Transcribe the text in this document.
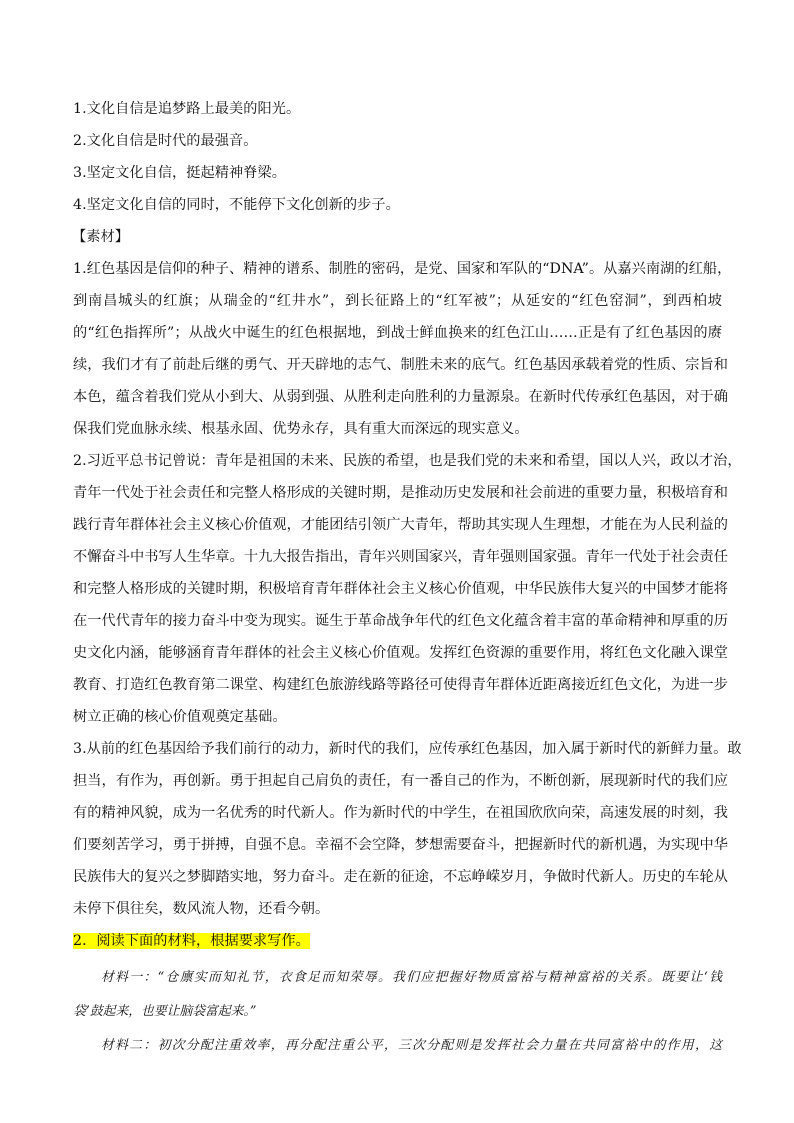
1.文化自信是追梦路上最美的阳光。
2.文化自信是时代的最强音。
3.坚定文化自信，挺起精神脊梁。
4.坚定文化自信的同时，不能停下文化创新的步子。
【素材】
1.红色基因是信仰的种子、精神的谱系、制胜的密码，是党、国家和军队的“DNA”。从嘉兴南湖的红船，
到南昌城头的红旗；从瑞金的“红井水”，到长征路上的“红军被”；从延安的“红色窑洞”，到西柏坡
的“红色指挥所”；从战火中诞生的红色根据地，到战士鲜血换来的红色江山……正是有了红色基因的赓
续，我们才有了前赴后继的勇气、开天辟地的志气、制胜未来的底气。红色基因承载着党的性质、宗旨和
本色，蕴含着我们党从小到大、从弱到强、从胜利走向胜利的力量源泉。在新时代传承红色基因，对于确
保我们党血脉永续、根基永固、优势永存，具有重大而深远的现实意义。
2.习近平总书记曾说：青年是祖国的未来、民族的希望，也是我们党的未来和希望，国以人兴，政以才治，
青年一代处于社会责任和完整人格形成的关键时期，是推动历史发展和社会前进的重要力量，积极培育和
践行青年群体社会主义核心价值观，才能团结引领广大青年，帮助其实现人生理想，才能在为人民利益的
不懈奋斗中书写人生华章。十九大报告指出，青年兴则国家兴，青年强则国家强。青年一代处于社会责任
和完整人格形成的关键时期，积极培育青年群体社会主义核心价值观，中华民族伟大复兴的中国梦才能将
在一代代青年的接力奋斗中变为现实。诞生于革命战争年代的红色文化蕴含着丰富的革命精神和厚重的历
史文化内涵，能够涵育青年群体的社会主义核心价值观。发挥红色资源的重要作用，将红色文化融入课堂
教育、打造红色教育第二课堂、构建红色旅游线路等路径可使得青年群体近距离接近红色文化，为进一步
树立正确的核心价值观奠定基础。
3.从前的红色基因给予我们前行的动力，新时代的我们，应传承红色基因，加入属于新时代的新鲜力量。敢
担当，有作为，再创新。勇于担起自己肩负的责任，有一番自己的作为，不断创新，展现新时代的我们应
有的精神风貌，成为一名优秀的时代新人。作为新时代的中学生，在祖国欣欣向荣，高速发展的时刻，我
们要刻苦学习，勇于拼搏，自强不息。幸福不会空降，梦想需要奋斗，把握新时代的新机遇，为实现中华
民族伟大的复兴之梦脚踏实地，努力奋斗。走在新的征途，不忘峥嵘岁月，争做时代新人。历史的车轮从
未停下俱往矣，数风流人物，还看今朝。
2．阅读下面的材料，根据要求写作。
材料一：“仓廪实而知礼节，衣食足而知荣辱。我们应把握好物质富裕与精神富裕的关系。既要让‘钱
袋’鼓起来，也要让脑袋富起来。”
材料二：初次分配注重效率，再分配注重公平，三次分配则是发挥社会力量在共同富裕中的作用，这
